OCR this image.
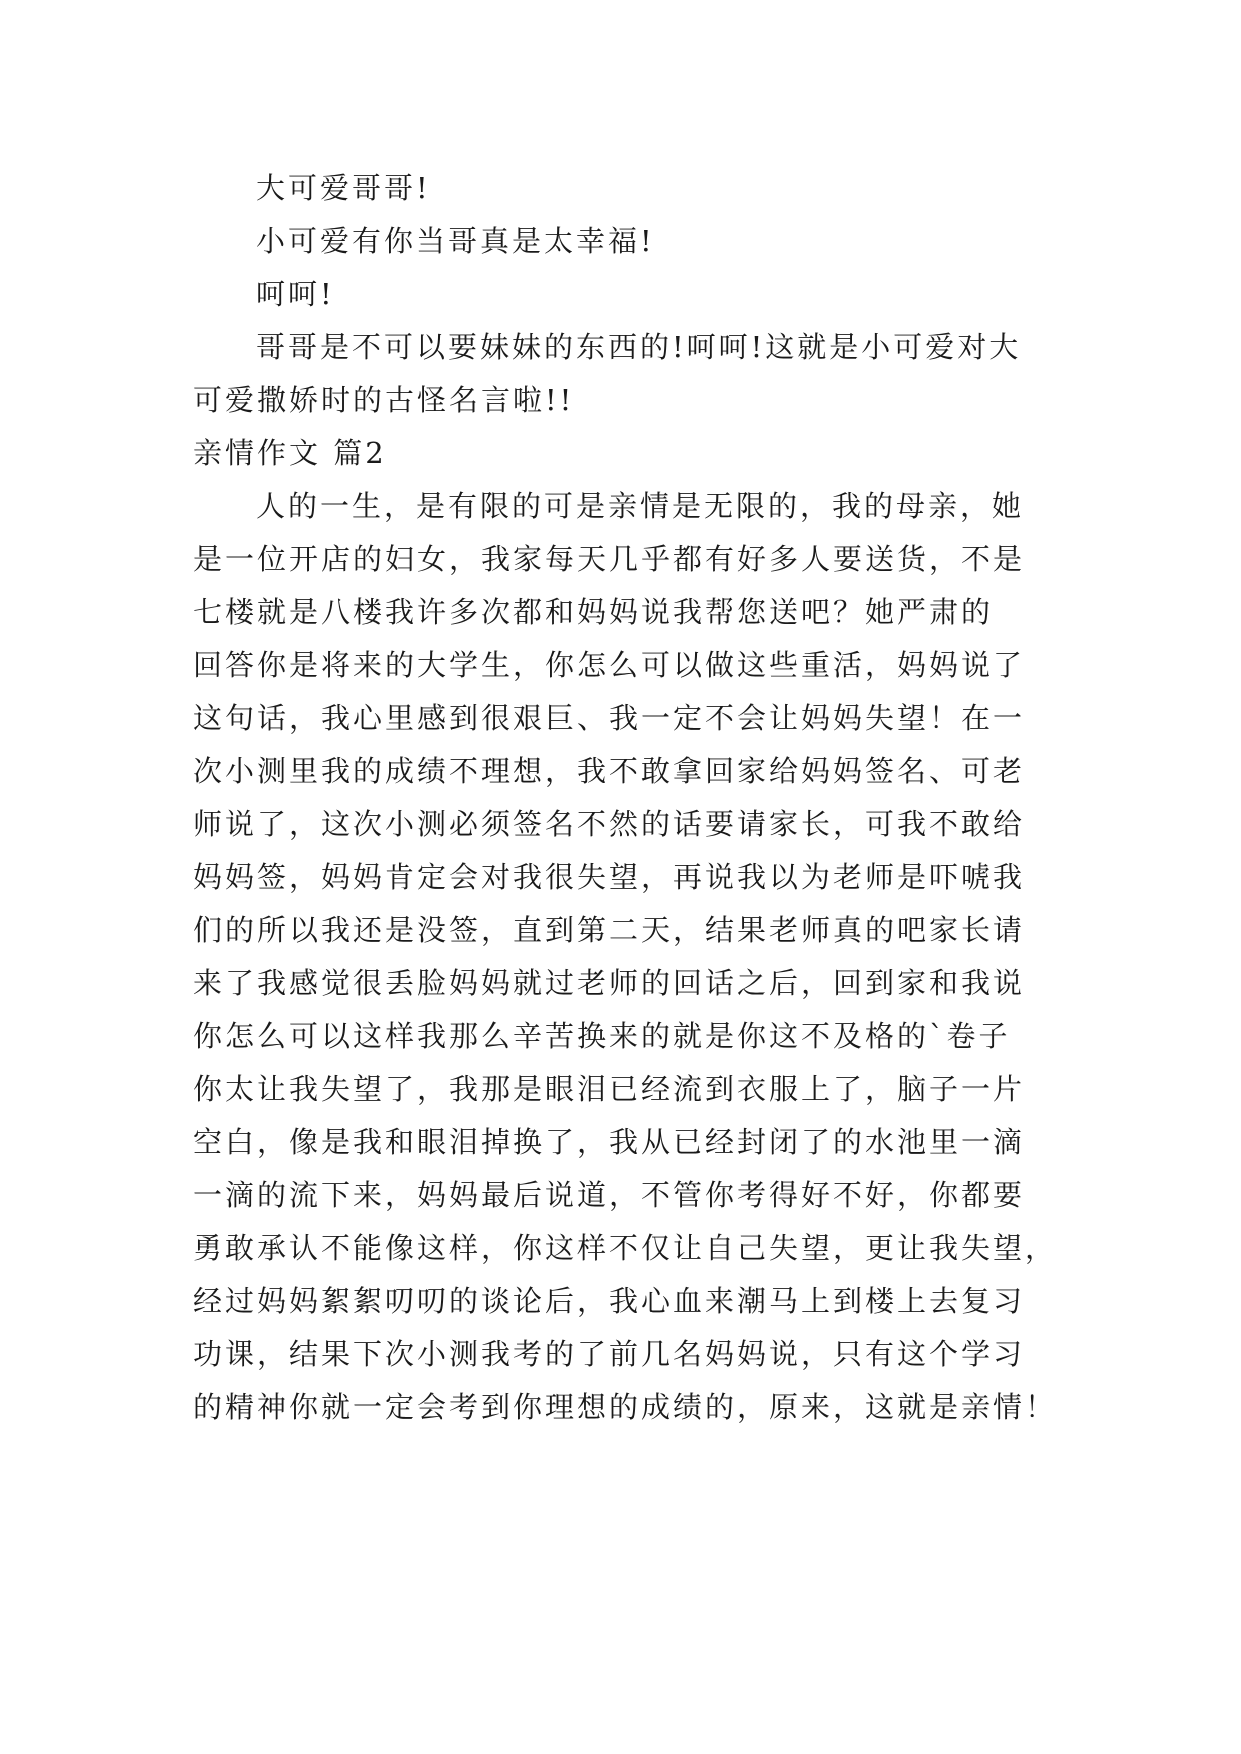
大可爱哥哥!
小可爱有你当哥真是太幸福!
呵呵!
哥哥是不可以要妹妹的东西的!呵呵!这就是小可爱对大
可爱撒娇时的古怪名言啦!!
亲情作文 篇2
人的一生，是有限的可是亲情是无限的，我的母亲，她
是一位开店的妇女，我家每天几乎都有好多人要送货，不是
七楼就是八楼我许多次都和妈妈说我帮您送吧？她严肃的
回答你是将来的大学生，你怎么可以做这些重活，妈妈说了
这句话，我心里感到很艰巨、我一定不会让妈妈失望！在一
次小测里我的成绩不理想，我不敢拿回家给妈妈签名、可老
师说了，这次小测必须签名不然的话要请家长，可我不敢给
妈妈签，妈妈肯定会对我很失望，再说我以为老师是吓唬我
们的所以我还是没签，直到第二天，结果老师真的吧家长请
来了我感觉很丢脸妈妈就过老师的回话之后，回到家和我说
你怎么可以这样我那么辛苦换来的就是你这不及格的`卷子
你太让我失望了，我那是眼泪已经流到衣服上了，脑子一片
空白，像是我和眼泪掉换了，我从已经封闭了的水池里一滴
一滴的流下来，妈妈最后说道，不管你考得好不好，你都要
勇敢承认不能像这样，你这样不仅让自己失望，更让我失望，
经过妈妈絮絮叨叨的谈论后，我心血来潮马上到楼上去复习
功课，结果下次小测我考的了前几名妈妈说，只有这个学习
的精神你就一定会考到你理想的成绩的，原来，这就是亲情！
